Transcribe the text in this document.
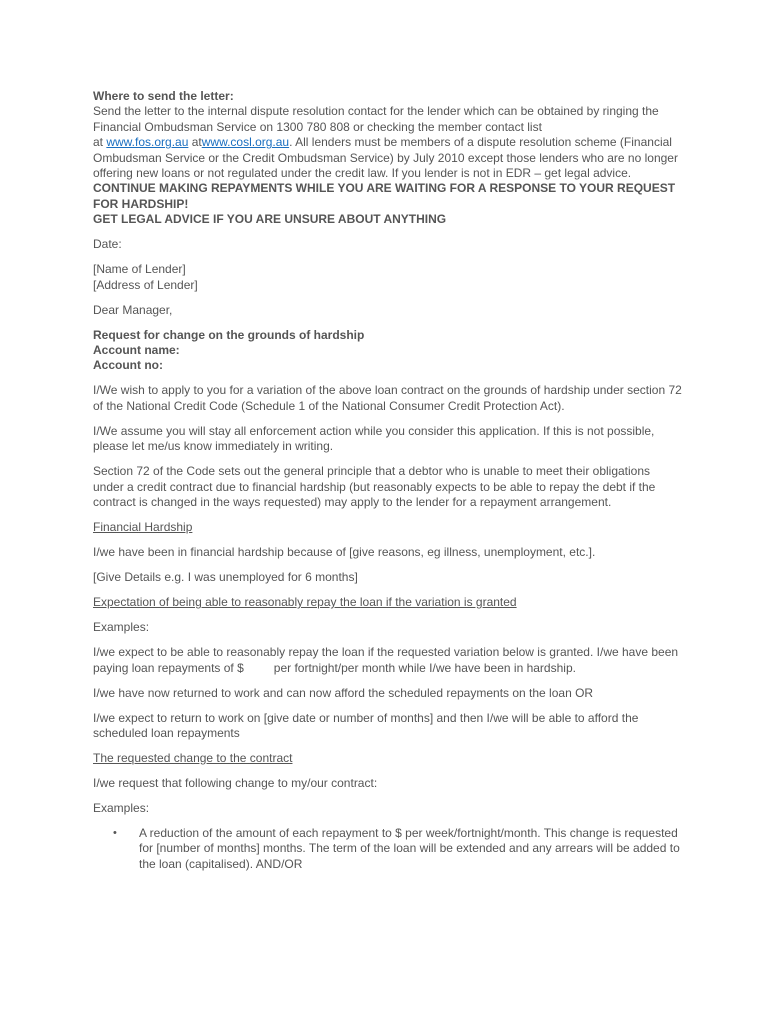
Where to send the letter:

Send the letter to the internal dispute resolution contact for the lender which can be obtained by ringing the Financial Ombudsman Service on 1300 780 808 or checking the member contact list
at www.fos.org.au atwww.cosl.org.au. All lenders must be members of a dispute resolution scheme (Financial Ombudsman Service or the Credit Ombudsman Service) by July 2010 except those lenders who are no longer offering new loans or not regulated under the credit law. If you lender is not in EDR – get legal advice.

CONTINUE MAKING REPAYMENTS WHILE YOU ARE WAITING FOR A RESPONSE TO YOUR REQUEST FOR HARDSHIP!

GET LEGAL ADVICE IF YOU ARE UNSURE ABOUT ANYTHING

Date:

[Name of Lender]

[Address of Lender]

Dear Manager,

Request for change on the grounds of hardship

Account name:

Account no:

I/We wish to apply to you for a variation of the above loan contract on the grounds of hardship under section 72 of the National Credit Code (Schedule 1 of the National Consumer Credit Protection Act).

I/We assume you will stay all enforcement action while you consider this application. If this is not possible, please let me/us know immediately in writing.

Section 72 of the Code sets out the general principle that a debtor who is unable to meet their obligations under a credit contract due to financial hardship (but reasonably expects to be able to repay the debt if the contract is changed in the ways requested) may apply to the lender for a repayment arrangement.

Financial Hardship

I/we have been in financial hardship because of [give reasons, eg illness, unemployment, etc.].

[Give Details e.g. I was unemployed for 6 months]

Expectation of being able to reasonably repay the loan if the variation is granted

Examples:

I/we expect to be able to reasonably repay the loan if the requested variation below is granted. I/we have been paying loan repayments of $	per fortnight/per month while I/we have been in hardship.

I/we have now returned to work and can now afford the scheduled repayments on the loan OR

I/we expect to return to work on [give date or number of months] and then I/we will be able to afford the scheduled loan repayments

The requested change to the contract

I/we request that following change to my/our contract:

Examples:

•	A reduction of the amount of each repayment to $ per week/fortnight/month. This change is requested for [number of months] months. The term of the loan will be extended and any arrears will be added to the loan (capitalised). AND/OR
